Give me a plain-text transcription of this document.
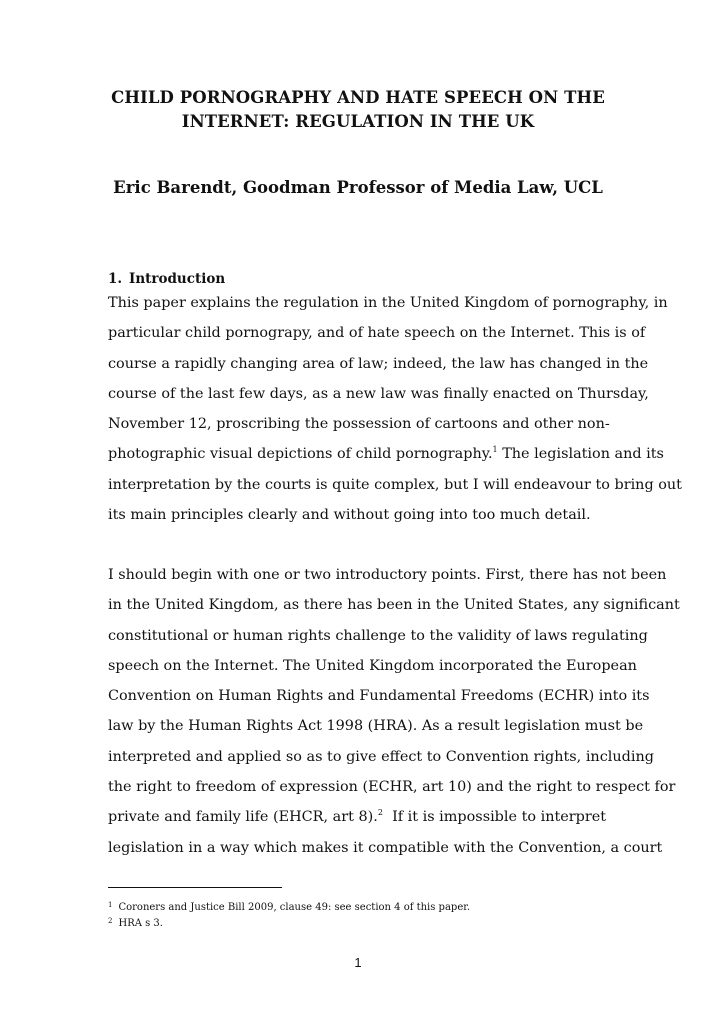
CHILD PORNOGRAPHY AND HATE SPEECH ON THE
INTERNET: REGULATION IN THE UK
Eric Barendt, Goodman Professor of Media Law, UCL
1. Introduction
This paper explains the regulation in the United Kingdom of pornography, in
particular child pornograpy, and of hate speech on the Internet. This is of
course a rapidly changing area of law; indeed, the law has changed in the
course of the last few days, as a new law was finally enacted on Thursday,
November 12, proscribing the possession of cartoons and other non-
photographic visual depictions of child pornography.$^1$ The legislation and its
interpretation by the courts is quite complex, but I will endeavour to bring out
its main principles clearly and without going into too much detail.
I should begin with one or two introductory points. First, there has not been
in the United Kingdom, as there has been in the United States, any significant
constitutional or human rights challenge to the validity of laws regulating
speech on the Internet. The United Kingdom incorporated the European
Convention on Human Rights and Fundamental Freedoms (ECHR) into its
law by the Human Rights Act 1998 (HRA). As a result legislation must be
interpreted and applied so as to give effect to Convention rights, including
the right to freedom of expression (ECHR, art 10) and the right to respect for
private and family life (EHCR, art 8).$^2$ If it is impossible to interpret
legislation in a way which makes it compatible with the Convention, a court
$^1$ Coroners and Justice Bill 2009, clause 49: see section 4 of this paper.
$^2$ HRA s 3.
1
